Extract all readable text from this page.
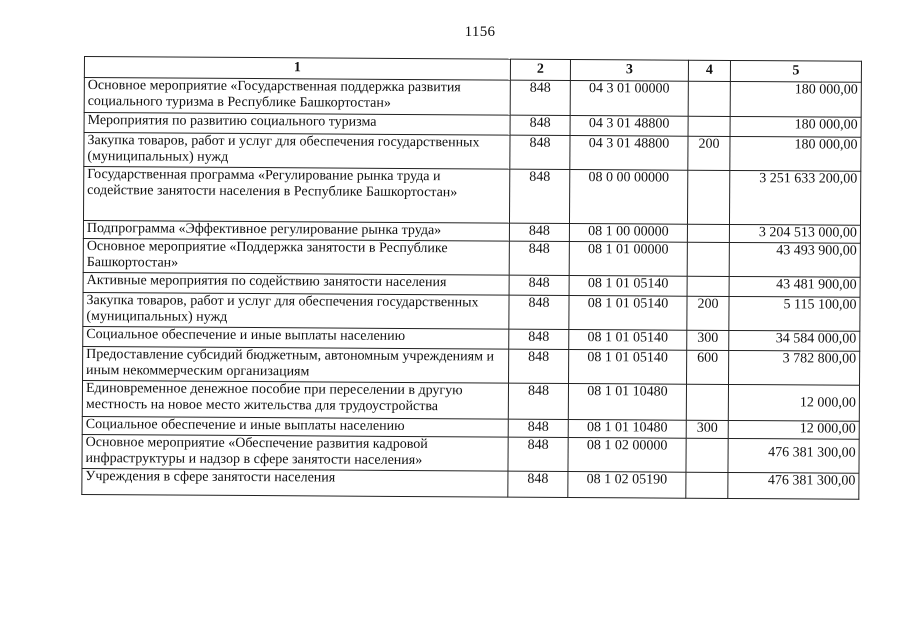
1156
1	2	3	4	5
Основное мероприятие «Государственная поддержка развития социального туризма в Республике Башкортостан»	848	04 3 01 00000		180 000,00
Мероприятия по развитию социального туризма	848	04 3 01 48800		180 000,00
Закупка товаров, работ и услуг для обеспечения государственных (муниципальных) нужд	848	04 3 01 48800	200	180 000,00
Государственная программа «Регулирование рынка труда и содействие занятости населения в Республике Башкортостан»	848	08 0 00 00000		3 251 633 200,00
Подпрограмма «Эффективное регулирование рынка труда»	848	08 1 00 00000		3 204 513 000,00
Основное мероприятие «Поддержка занятости в Республике Башкортостан»	848	08 1 01 00000		43 493 900,00
Активные мероприятия по содействию занятости населения	848	08 1 01 05140		43 481 900,00
Закупка товаров, работ и услуг для обеспечения государственных (муниципальных) нужд	848	08 1 01 05140	200	5 115 100,00
Социальное обеспечение и иные выплаты населению	848	08 1 01 05140	300	34 584 000,00
Предоставление субсидий бюджетным, автономным учреждениям и иным некоммерческим организациям	848	08 1 01 05140	600	3 782 800,00
Единовременное денежное пособие при переселении в другую местность на новое место жительства для трудоустройства	848	08 1 01 10480		12 000,00
Социальное обеспечение и иные выплаты населению	848	08 1 01 10480	300	12 000,00
Основное мероприятие «Обеспечение развития кадровой инфраструктуры и надзор в сфере занятости населения»	848	08 1 02 00000		476 381 300,00
Учреждения в сфере занятости населения	848	08 1 02 05190		476 381 300,00
